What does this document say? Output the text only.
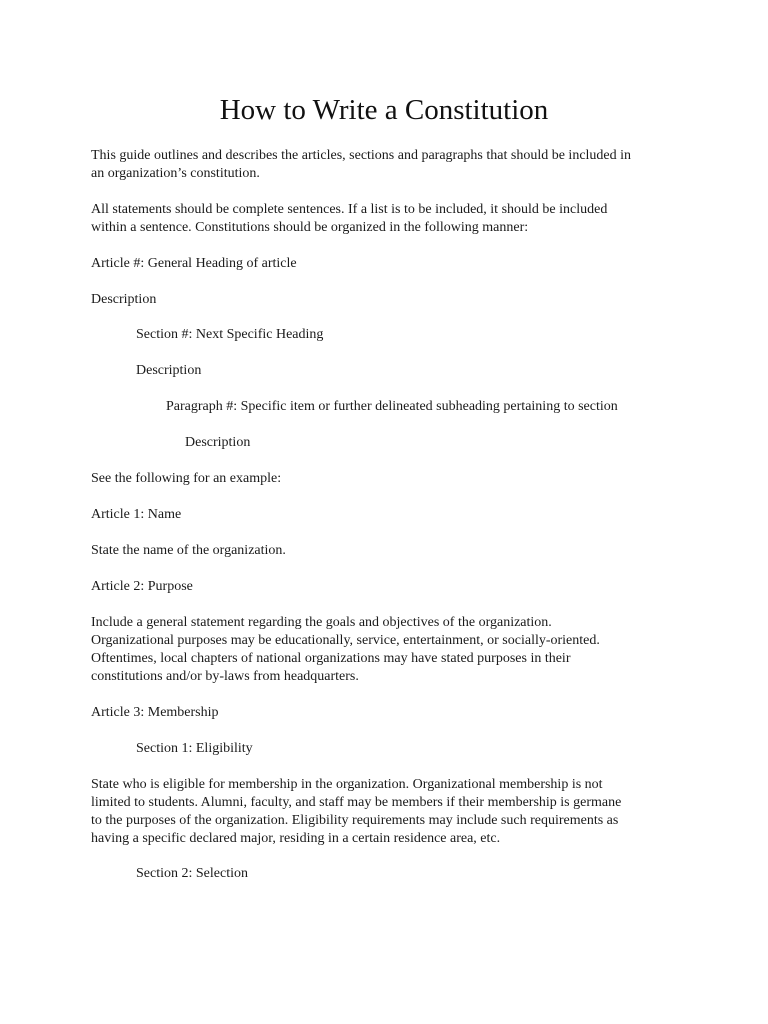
How to Write a Constitution

This guide outlines and describes the articles, sections and paragraphs that should be included in
an organization’s constitution.

All statements should be complete sentences. If a list is to be included, it should be included
within a sentence. Constitutions should be organized in the following manner:

Article #: General Heading of article

Description

Section #: Next Specific Heading

Description

Paragraph #: Specific item or further delineated subheading pertaining to section

Description

See the following for an example:

Article 1: Name

State the name of the organization.

Article 2: Purpose

Include a general statement regarding the goals and objectives of the organization.
Organizational purposes may be educationally, service, entertainment, or socially-oriented.
Oftentimes, local chapters of national organizations may have stated purposes in their
constitutions and/or by-laws from headquarters.

Article 3: Membership

Section 1: Eligibility

State who is eligible for membership in the organization. Organizational membership is not
limited to students. Alumni, faculty, and staff may be members if their membership is germane
to the purposes of the organization. Eligibility requirements may include such requirements as
having a specific declared major, residing in a certain residence area, etc.

Section 2: Selection
